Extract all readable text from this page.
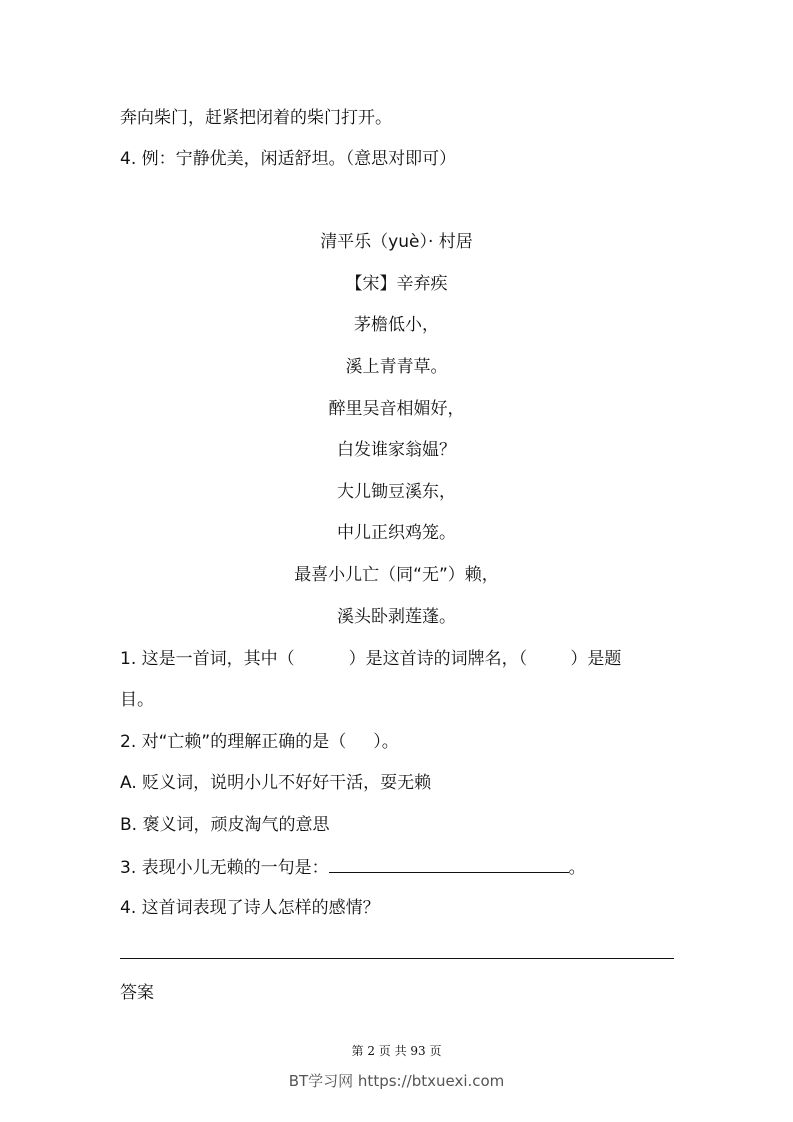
奔向柴门，赶紧把闭着的柴门打开。
4. 例：宁静优美，闲适舒坦。（意思对即可）
清平乐（yuè）· 村居
【宋】辛弃疾
茅檐低小，
溪上青青草。
醉里吴音相媚好，
白发谁家翁媪？
大儿锄豆溪东，
中儿正织鸡笼。
最喜小儿亡（同“无”）赖，
溪头卧剥莲蓬。
1. 这是一首词，其中（          ）是这首诗的词牌名，（        ）是题
目。
2. 对“亡赖”的理解正确的是（     ）。
A. 贬义词，说明小儿不好好干活，耍无赖
B. 褒义词，顽皮淘气的意思
3. 表现小儿无赖的一句是：	。
4. 这首词表现了诗人怎样的感情？
答案
第 2 页 共 93 页
BT学习网 https://btxuexi.com
